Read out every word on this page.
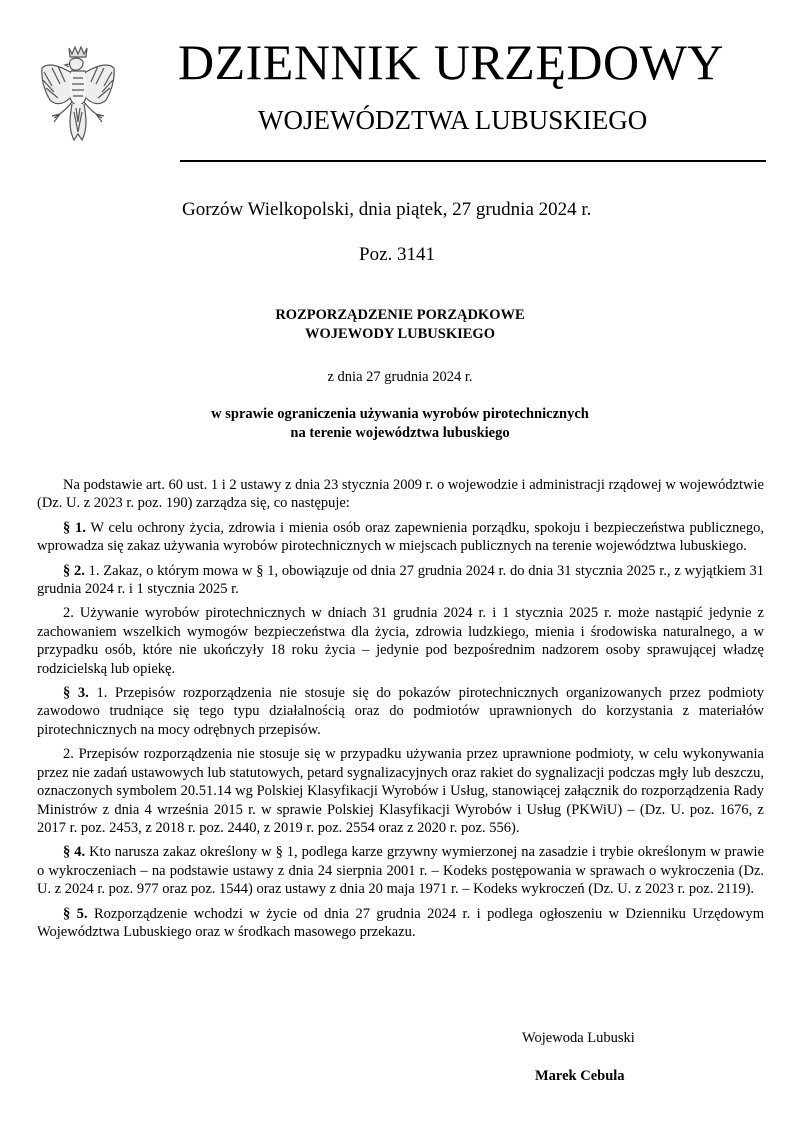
DZIENNIK URZĘDOWY
WOJEWÓDZTWA LUBUSKIEGO
Gorzów Wielkopolski, dnia piątek, 27 grudnia 2024 r.
Poz. 3141
ROZPORZĄDZENIE PORZĄDKOWE
WOJEWODY LUBUSKIEGO
z dnia 27 grudnia 2024 r.
w sprawie ograniczenia używania wyrobów pirotechnicznych
na terenie województwa lubuskiego

Na podstawie art. 60 ust. 1 i 2 ustawy z dnia 23 stycznia 2009 r. o wojewodzie i administracji rządowej w województwie (Dz. U. z 2023 r. poz. 190) zarządza się, co następuje:

§ 1. W celu ochrony życia, zdrowia i mienia osób oraz zapewnienia porządku, spokoju i bezpieczeństwa publicznego, wprowadza się zakaz używania wyrobów pirotechnicznych w miejscach publicznych na terenie województwa lubuskiego.

§ 2. 1. Zakaz, o którym mowa w § 1, obowiązuje od dnia 27 grudnia 2024 r. do dnia 31 stycznia 2025 r., z wyjątkiem 31 grudnia 2024 r. i 1 stycznia 2025 r.

2. Używanie wyrobów pirotechnicznych w dniach 31 grudnia 2024 r. i 1 stycznia 2025 r. może nastąpić jedynie z zachowaniem wszelkich wymogów bezpieczeństwa dla życia, zdrowia ludzkiego, mienia i środowiska naturalnego, a w przypadku osób, które nie ukończyły 18 roku życia – jedynie pod bezpośrednim nadzorem osoby sprawującej władzę rodzicielską lub opiekę.

§ 3. 1. Przepisów rozporządzenia nie stosuje się do pokazów pirotechnicznych organizowanych przez podmioty zawodowo trudniące się tego typu działalnością oraz do podmiotów uprawnionych do korzystania z materiałów pirotechnicznych na mocy odrębnych przepisów.

2. Przepisów rozporządzenia nie stosuje się w przypadku używania przez uprawnione podmioty, w celu wykonywania przez nie zadań ustawowych lub statutowych, petard sygnalizacyjnych oraz rakiet do sygnalizacji podczas mgły lub deszczu, oznaczonych symbolem 20.51.14 wg Polskiej Klasyfikacji Wyrobów i Usług, stanowiącej załącznik do rozporządzenia Rady Ministrów z dnia 4 września 2015 r. w sprawie Polskiej Klasyfikacji Wyrobów i Usług (PKWiU) – (Dz. U. poz. 1676, z 2017 r. poz. 2453, z 2018 r. poz. 2440, z 2019 r. poz. 2554 oraz z 2020 r. poz. 556).

§ 4. Kto narusza zakaz określony w § 1, podlega karze grzywny wymierzonej na zasadzie i trybie określonym w prawie o wykroczeniach – na podstawie ustawy z dnia 24 sierpnia 2001 r. – Kodeks postępowania w sprawach o wykroczenia (Dz. U. z 2024 r. poz. 977 oraz poz. 1544) oraz ustawy z dnia 20 maja 1971 r. – Kodeks wykroczeń (Dz. U. z 2023 r. poz. 2119).

§ 5. Rozporządzenie wchodzi w życie od dnia 27 grudnia 2024 r. i podlega ogłoszeniu w Dzienniku Urzędowym Województwa Lubuskiego oraz w środkach masowego przekazu.

Wojewoda Lubuski
Marek Cebula
